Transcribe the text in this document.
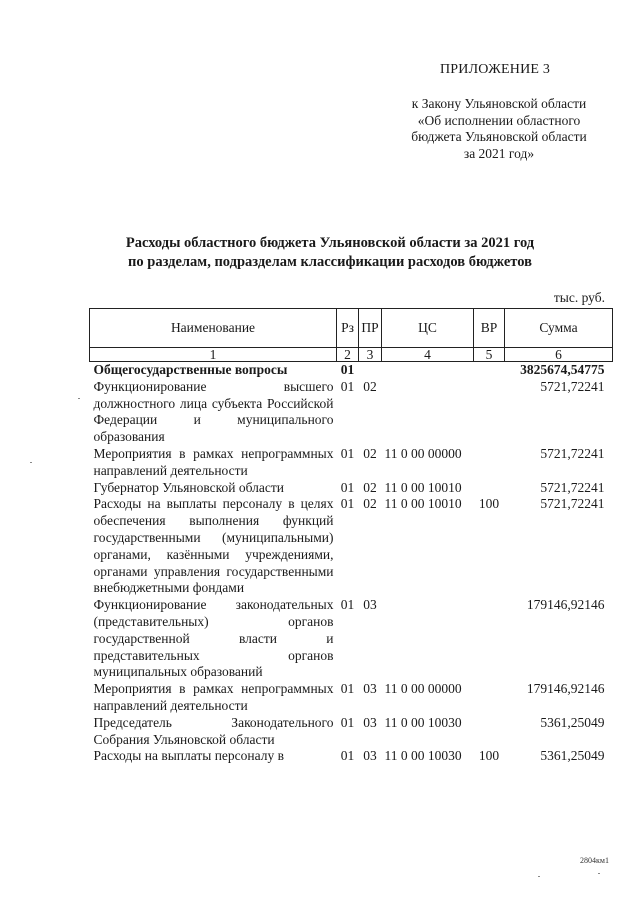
ПРИЛОЖЕНИЕ 3
к Закону Ульяновской области
«Об исполнении областного
бюджета Ульяновской области
за 2021 год»
Расходы областного бюджета Ульяновской области за 2021 год
по разделам, подразделам классификации расходов бюджетов
тыс. руб.
Наименование	Рз	ПР	ЦС	ВР	Сумма
1	2	3	4	5	6
Общегосударственные вопросы	01				3825674,54775
Функционирование высшего должностного лица субъекта Российской Федерации и муниципального образования	01	02			5721,72241
Мероприятия в рамках непрограммных направлений деятельности	01	02	11 0 00 00000		5721,72241
Губернатор Ульяновской области	01	02	11 0 00 10010		5721,72241
Расходы на выплаты персоналу в целях обеспечения выполнения функций государственными (муниципальными) органами, казёнными учреждениями, органами управления государственными внебюджетными фондами	01	02	11 0 00 10010	100	5721,72241
Функционирование законодательных (представительных) органов государственной власти и представительных органов муниципальных образований	01	03			179146,92146
Мероприятия в рамках непрограммных направлений деятельности	01	03	11 0 00 00000		179146,92146
Председатель Законодательного Собрания Ульяновской области	01	03	11 0 00 10030		5361,25049
Расходы на выплаты персоналу в	01	03	11 0 00 10030	100	5361,25049
2804км1
